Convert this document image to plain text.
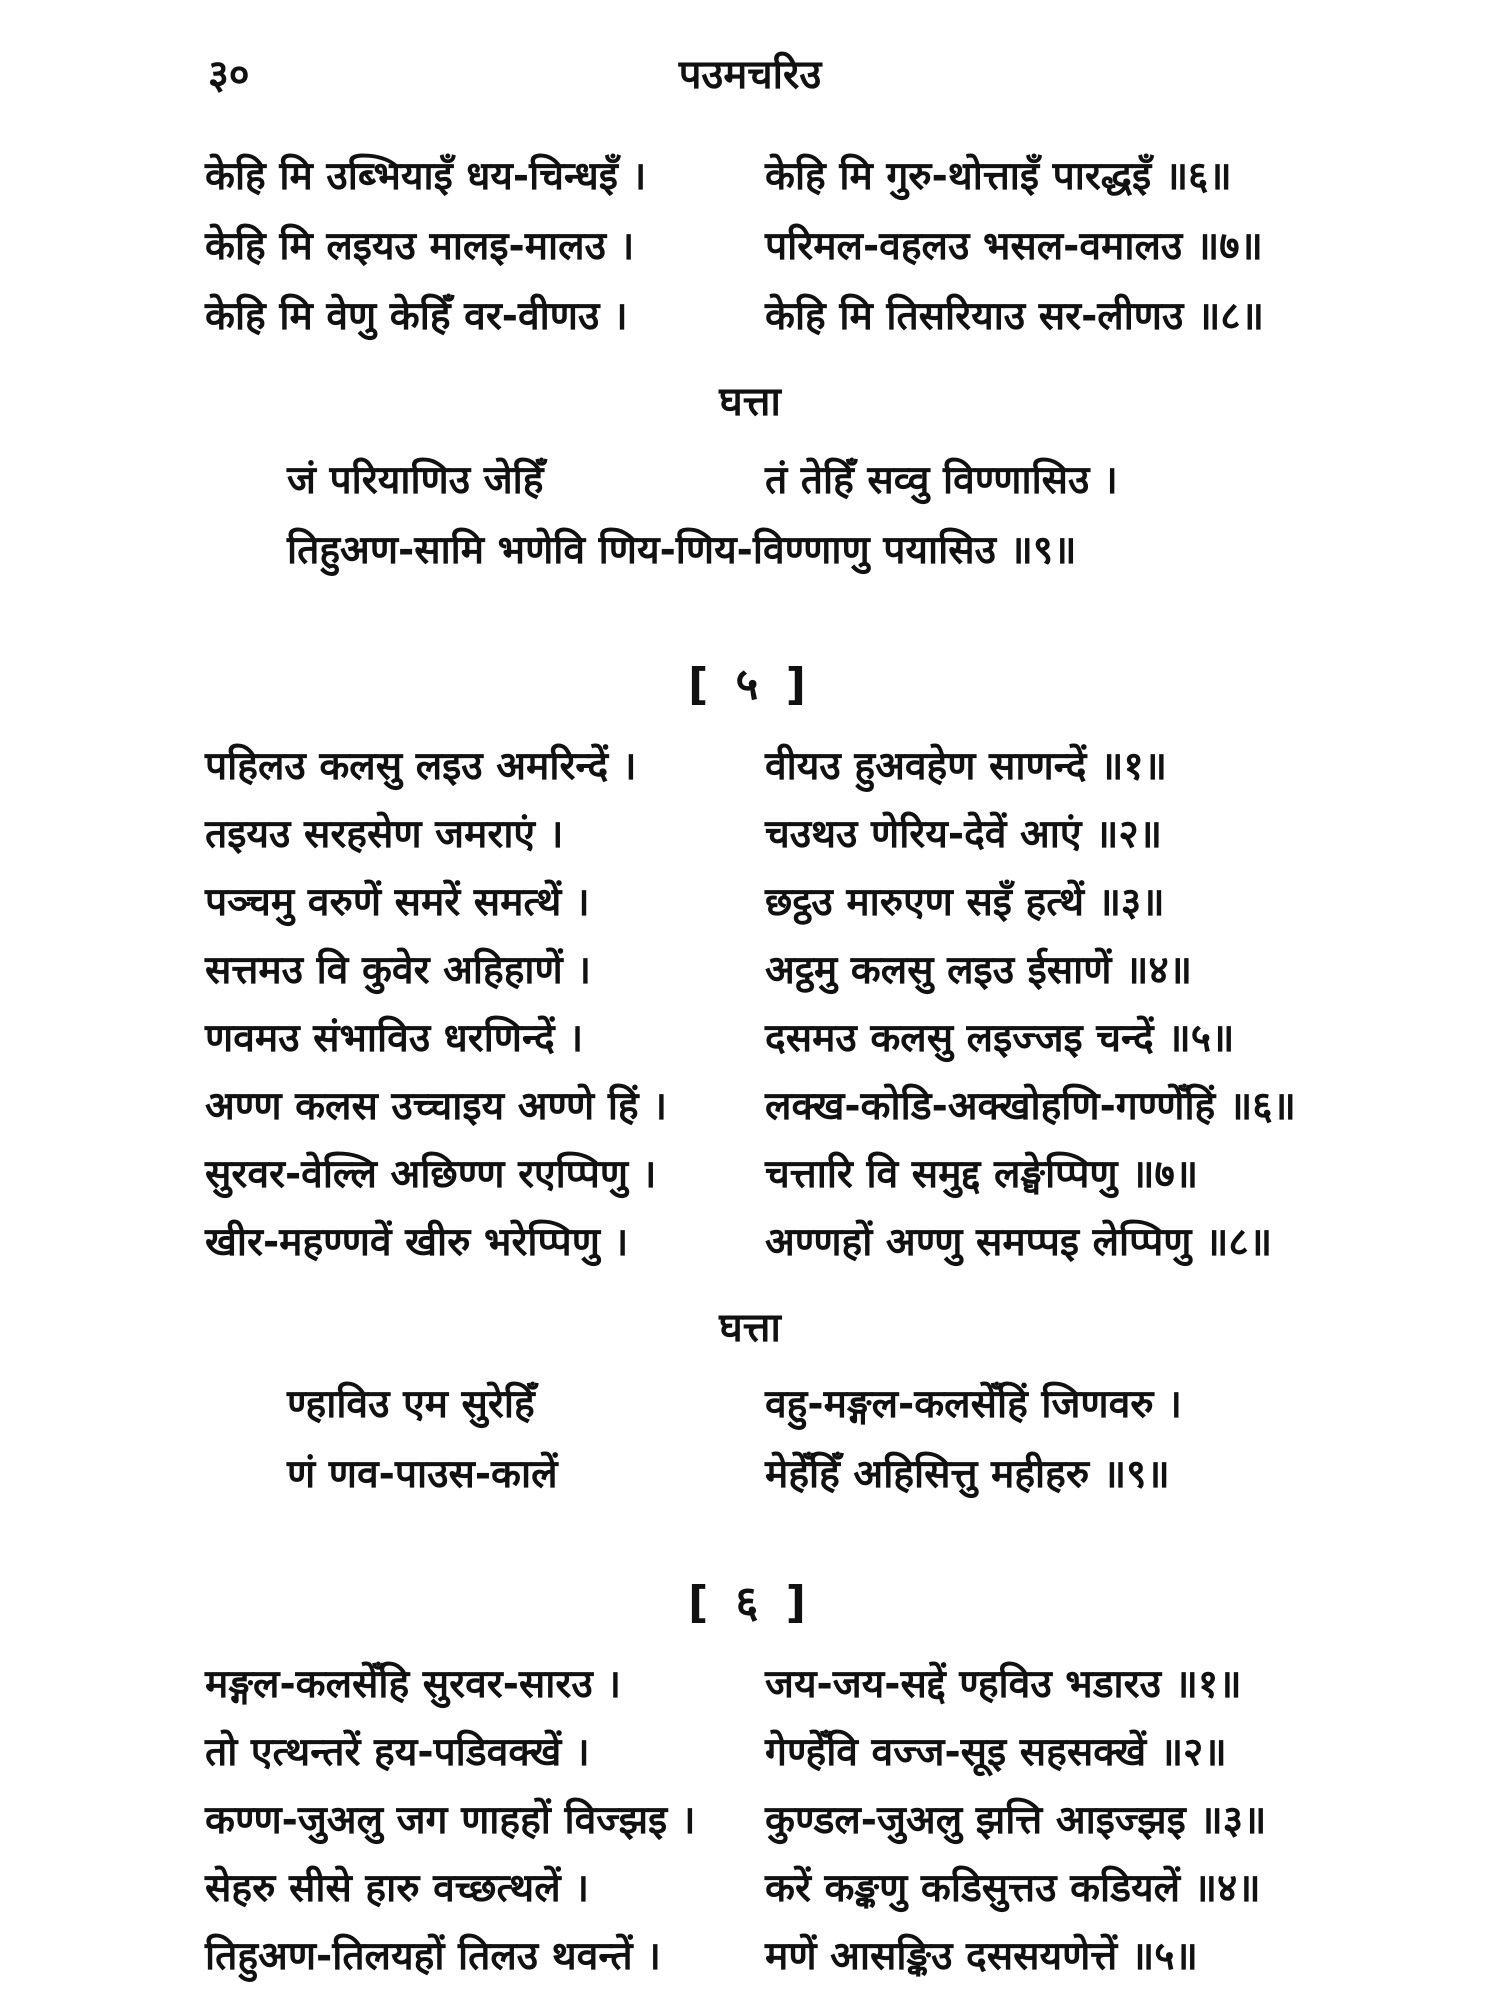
३०	पउमचरिउ
केहि मि उब्भियाइँ धय-चिन्धइँ ।	केहि मि गुरु-थोत्ताइँ पारद्धइँ ॥६॥
केहि मि लइयउ मालइ-मालउ ।	परिमल-वहलउ भसल-वमालउ ॥७॥
केहि मि वेणु केहिँ वर-वीणउ ।	केहि मि तिसरियाउ सर-लीणउ ॥८॥
घत्ता
जं परियाणिउ जेहिँ	तं तेहिँ सव्वु विण्णासिउ ।
तिहुअण-सामि भणेवि णिय-णिय-विण्णाणु पयासिउ ॥९॥
[ ५ ]
पहिलउ कलसु लइउ अमरिन्दें ।	वीयउ हुअवहेण साणन्दें ॥१॥
तइयउ सरहसेण जमराएं ।	चउथउ णेरिय-देवें आएं ॥२॥
पञ्चमु वरुणें समरें समत्थें ।	छट्ठउ मारुएण सइँ हत्थें ॥३॥
सत्तमउ वि कुवेर अहिहाणें ।	अट्ठमु कलसु लइउ ईसाणें ॥४॥
णवमउ संभाविउ धरणिन्दें ।	दसमउ कलसु लइज्जइ चन्दें ॥५॥
अण्ण कलस उच्चाइय अण्णे हिं ।	लक्ख-कोडि-अक्खोहणि-गण्णेँहिं ॥६॥
सुरवर-वेल्लि अछिण्ण रएप्पिणु ।	चत्तारि वि समुद्द लङ्घेप्पिणु ॥७॥
खीर-महण्णवें खीरु भरेप्पिणु ।	अण्णहों अण्णु समप्पइ लेप्पिणु ॥८॥
घत्ता
ण्हाविउ एम सुरेहिँ	वहु-मङ्गल-कलसेँहिं जिणवरु ।
णं णव-पाउस-कालें	मेहेँहिँ अहिसित्तु महीहरु ॥९॥
[ ६ ]
मङ्गल-कलसेँहि सुरवर-सारउ ।	जय-जय-सद्दें ण्हविउ भडारउ ॥१॥
तो एत्थन्तरें हय-पडिवक्खें ।	गेण्हेँवि वज्ज-सूइ सहसक्खें ॥२॥
कण्ण-जुअलु जग णाहहों विज्झइ । कुण्डल-जुअलु झत्ति आइज्झइ ॥३॥
सेहरु सीसे हारु वच्छत्थलें ।	करें कङ्कणु कडिसुत्तउ कडियलें ॥४॥
तिहुअण-तिलयहों तिलउ थवन्तें ।	मणें आसङ्किउ दससयणेत्तें ॥५॥
